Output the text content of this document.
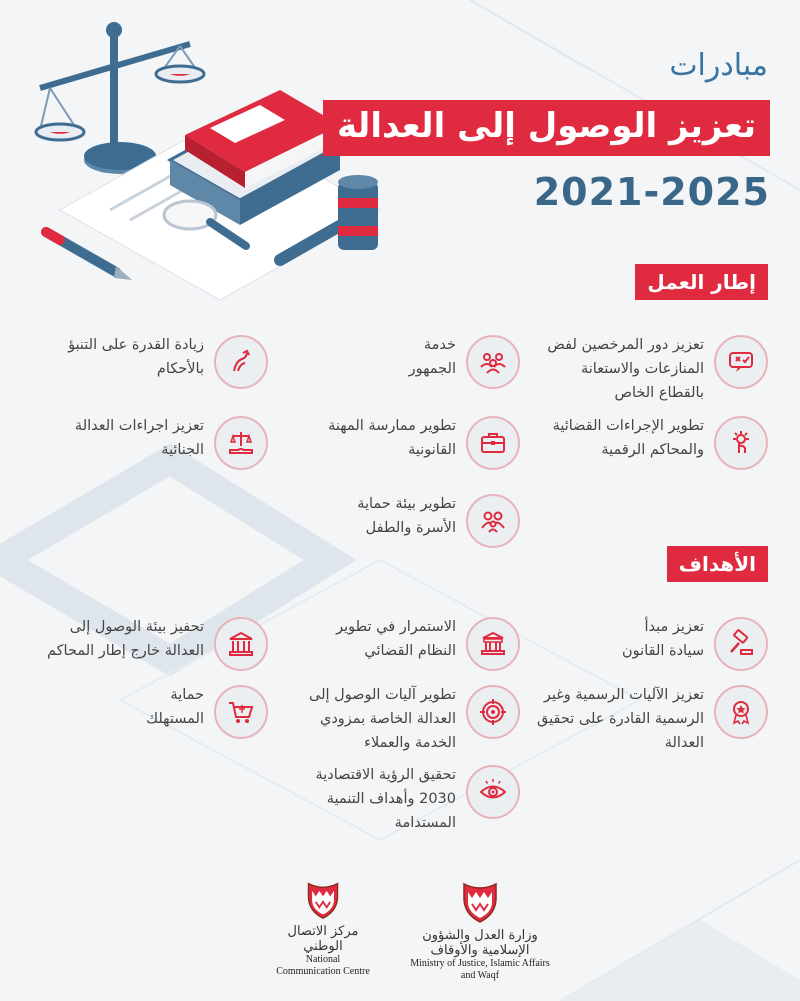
مبادرات
تعزيز الوصول إلى العدالة
2021-2025
إطار العمل
تعزيز دور المرخصين لفض المنازعات والاستعانة بالقطاع الخاص
خدمة الجمهور
زيادة القدرة على التنبؤ بالأحكام
تطوير الإجراءات القضائية والمحاكم الرقمية
تطوير ممارسة المهنة القانونية
تعزيز اجراءات العدالة الجنائية
تطوير بيئة حماية الأسرة والطفل
الأهداف
تعزيز مبدأ سيادة القانون
الاستمرار في تطوير النظام القضائي
تحفيز بيئة الوصول إلى العدالة خارج إطار المحاكم
تعزيز الآليات الرسمية وغير الرسمية القادرة على تحقيق العدالة
تطوير آليات الوصول إلى العدالة الخاصة بمزودي الخدمة والعملاء
حماية المستهلك
تحقيق الرؤية الاقتصادية 2030 وأهداف التنمية المستدامة
وزارة العدل والشؤون الإسلامية والأوقاف
Ministry of Justice, Islamic Affairs
and Waqf
مركز الاتصال الوطني
National
Communication Centre
